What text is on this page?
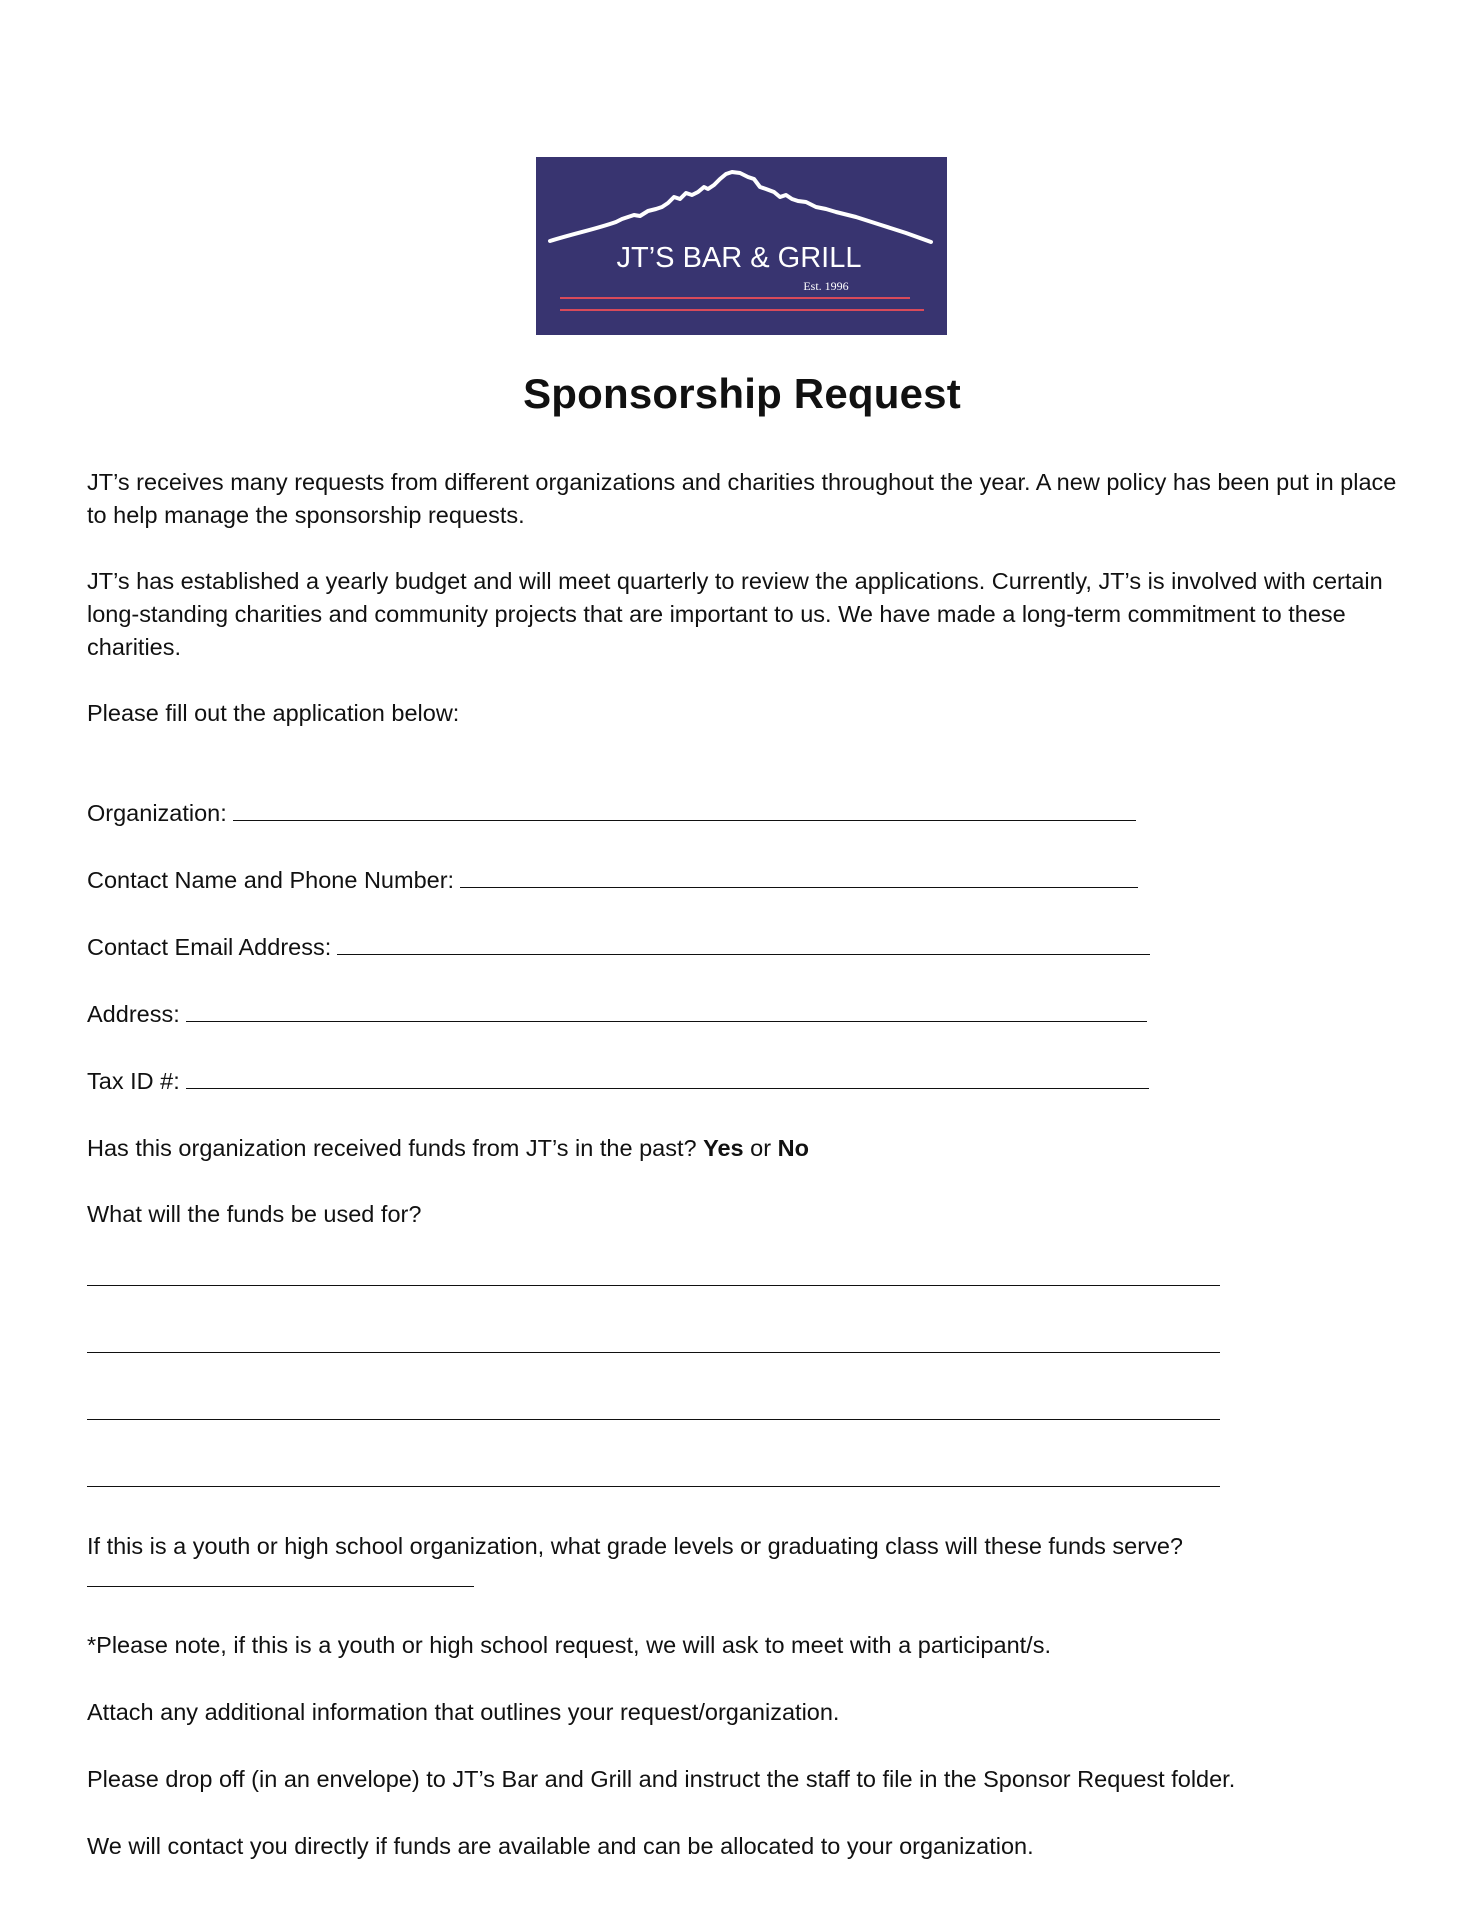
JT’S BAR & GRILL
Est. 1996
Sponsorship Request
JT’s receives many requests from different organizations and charities throughout the year. A new policy has been put in place to help manage the sponsorship requests.
JT’s has established a yearly budget and will meet quarterly to review the applications. Currently, JT’s is involved with certain long-standing charities and community projects that are important to us. We have made a long-term commitment to these charities.
Please fill out the application below:
Organization:
Contact Name and Phone Number:
Contact Email Address:
Address:
Tax ID #:
Has this organization received funds from JT’s in the past? Yes or No
What will the funds be used for?
If this is a youth or high school organization, what grade levels or graduating class will these funds serve?
*Please note, if this is a youth or high school request, we will ask to meet with a participant/s.
Attach any additional information that outlines your request/organization.
Please drop off (in an envelope) to JT’s Bar and Grill and instruct the staff to file in the Sponsor Request folder.
We will contact you directly if funds are available and can be allocated to your organization.
